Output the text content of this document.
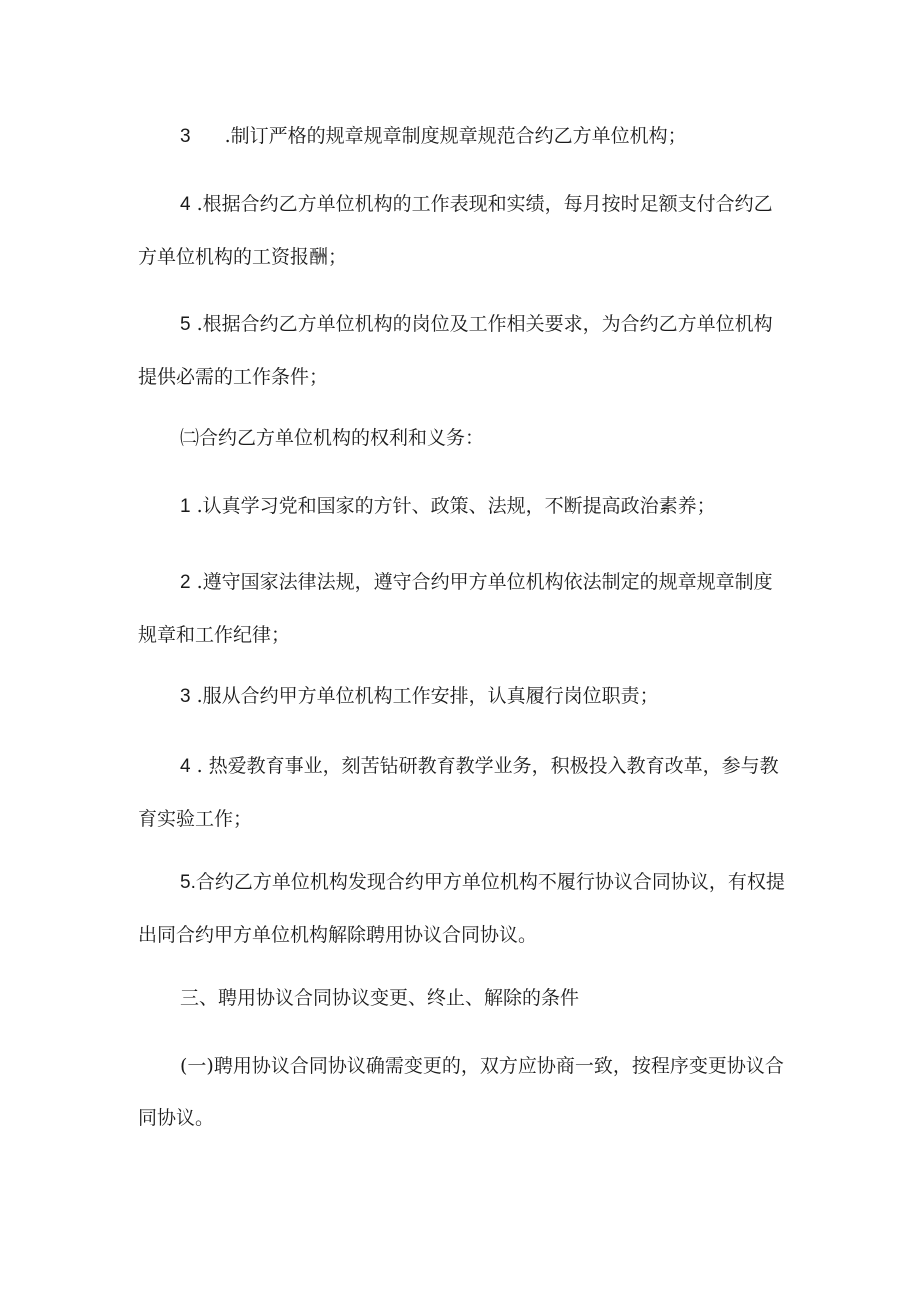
3 .制订严格的规章规章制度规章规范合约乙方单位机构；

4 .根据合约乙方单位机构的工作表现和实绩，每月按时足额支付合约乙方单位机构的工资报酬；

5 .根据合约乙方单位机构的岗位及工作相关要求，为合约乙方单位机构提供必需的工作条件；

㈡合约乙方单位机构的权利和义务：

1 .认真学习党和国家的方针、政策、法规，不断提高政治素养；

2 .遵守国家法律法规，遵守合约甲方单位机构依法制定的规章规章制度规章和工作纪律；

3 .服从合约甲方单位机构工作安排，认真履行岗位职责；

4 . 热爱教育事业，刻苦钻研教育教学业务，积极投入教育改革，参与教育实验工作；

5.合约乙方单位机构发现合约甲方单位机构不履行协议合同协议，有权提出同合约甲方单位机构解除聘用协议合同协议。

三、聘用协议合同协议变更、终止、解除的条件

(一)聘用协议合同协议确需变更的，双方应协商一致，按程序变更协议合同协议。
